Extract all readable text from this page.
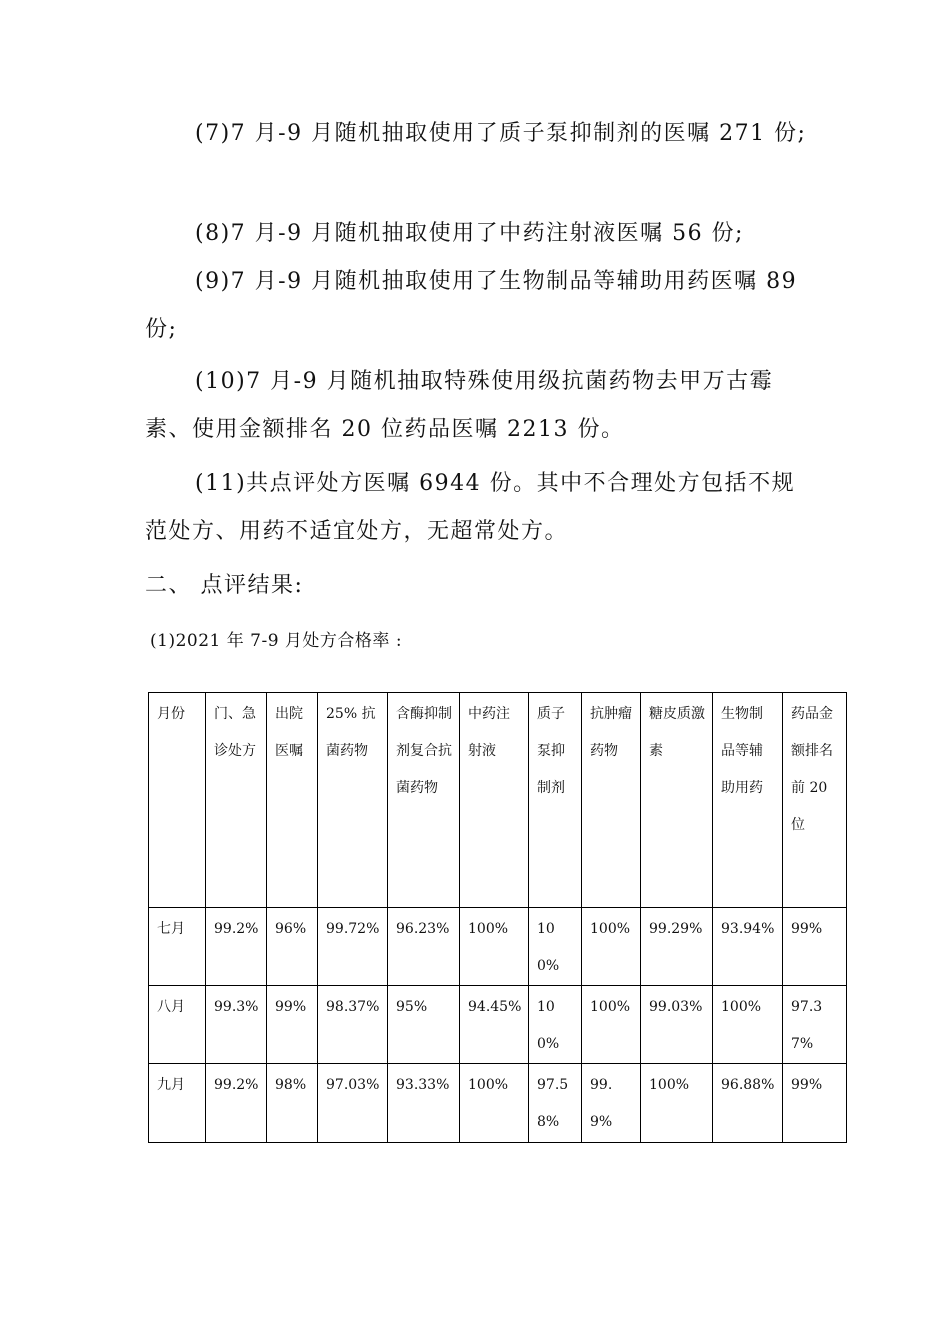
(7)7 月-9 月随机抽取使用了质子泵抑制剂的医嘱 271 份;

(8)7 月-9 月随机抽取使用了中药注射液医嘱 56 份;

(9)7 月-9 月随机抽取使用了生物制品等辅助用药医嘱 89 份;

(10)7 月-9 月随机抽取特殊使用级抗菌药物去甲万古霉素、使用金额排名 20 位药品医嘱 2213 份。

(11)共点评处方医嘱 6944 份。其中不合理处方包括不规范处方、用药不适宜处方，无超常处方。

二、 点评结果:
(1)2021 年 7-9 月处方合格率 :
月份	门、急诊处方	出院医嘱	25% 抗菌药物	含酶抑制剂复合抗菌药物	中药注射液	质子泵抑制剂	抗肿瘤药物	糖皮质激素	生物制品等辅助用药	药品金额排名前 20 位
七月	99.2%	96%	99.72%	96.23%	100%	100%	100%	99.29%	93.94%	99%
八月	99.3%	99%	98.37%	95%	94.45%	100%	100%	99.03%	100%	97.37%
九月	99.2%	98%	97.03%	93.33%	100%	97.58%	99.9%	100%	96.88%	99%
